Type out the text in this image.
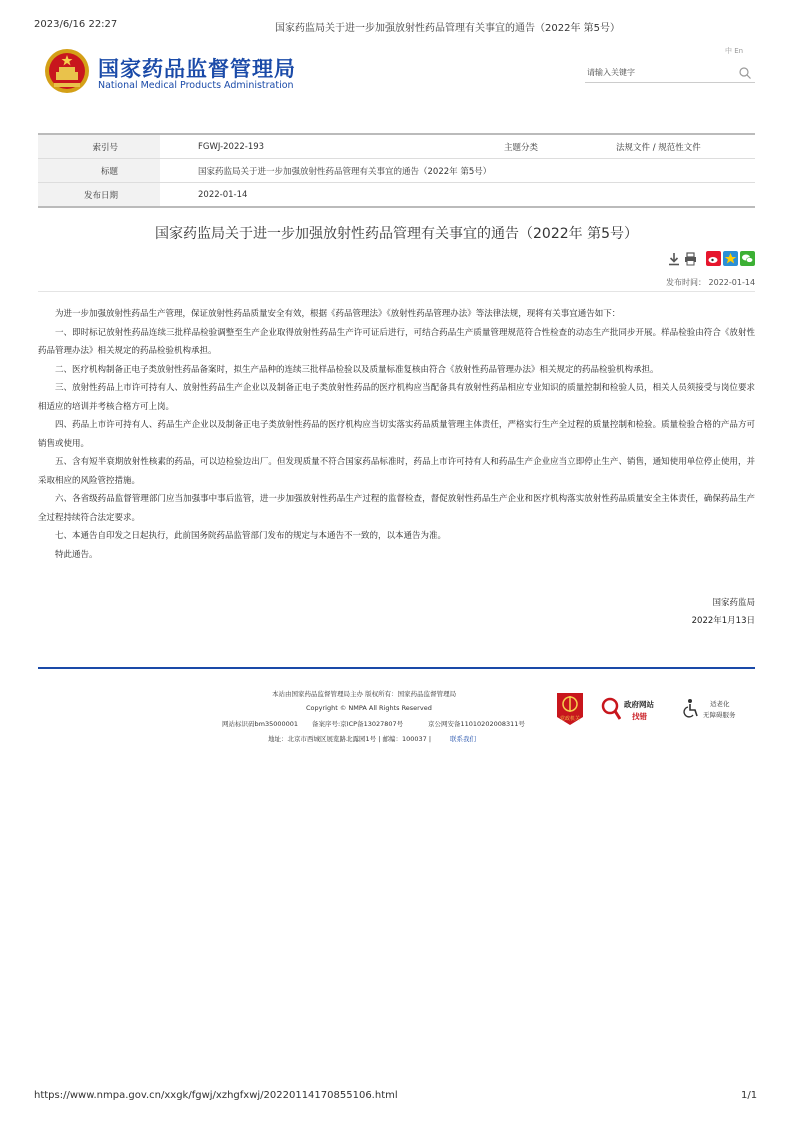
2023/6/16 22:27	国家药监局关于进一步加强放射性药品管理有关事宜的通告（2022年 第5号）
国家药品监督管理局
National Medical Products Administration
中 En
请输入关键字
索引号	FGWJ-2022-193	主题分类	法规文件 / 规范性文件
标题	国家药监局关于进一步加强放射性药品管理有关事宜的通告（2022年 第5号）		
发布日期	2022-01-14		
国家药监局关于进一步加强放射性药品管理有关事宜的通告（2022年 第5号）
发布时间： 2022-01-14

为进一步加强放射性药品生产管理，保证放射性药品质量安全有效，根据《药品管理法》《放射性药品管理办法》等法律法规，现将有关事宜通告如下：

一、即时标记放射性药品连续三批样品检验调整至生产企业取得放射性药品生产许可证后进行，可结合药品生产质量管理规范符合性检查的动态生产批同步开展。样品检验由符合《放射性药品管理办法》相关规定的药品检验机构承担。

二、医疗机构制备正电子类放射性药品备案时，拟生产品种的连续三批样品检验以及质量标准复核由符合《放射性药品管理办法》相关规定的药品检验机构承担。

三、放射性药品上市许可持有人、放射性药品生产企业以及制备正电子类放射性药品的医疗机构应当配备具有放射性药品相应专业知识的质量控制和检验人员，相关人员须接受与岗位要求相适应的培训并考核合格方可上岗。

四、药品上市许可持有人、药品生产企业以及制备正电子类放射性药品的医疗机构应当切实落实药品质量管理主体责任，严格实行生产全过程的质量控制和检验。质量检验合格的产品方可销售或使用。

五、含有短半衰期放射性核素的药品，可以边检验边出厂。但发现质量不符合国家药品标准时，药品上市许可持有人和药品生产企业应当立即停止生产、销售，通知使用单位停止使用，并采取相应的风险管控措施。

六、各省级药品监督管理部门应当加强事中事后监管，进一步加强放射性药品生产过程的监督检查，督促放射性药品生产企业和医疗机构落实放射性药品质量安全主体责任，确保药品生产全过程持续符合法定要求。

七、本通告自印发之日起执行，此前国务院药品监管部门发布的规定与本通告不一致的，以本通告为准。

特此通告。

国家药监局
2022年1月13日
本站由国家药品监督管理局主办 版权所有：国家药品监督管理局
Copyright © NMPA All Rights Reserved
网站标识码bm35000001 备案序号:京ICP备13027807号	京公网安备11010202008311号
地址：北京市西城区展览路北露园1号 | 邮编：100037 |	联系我们
党政机关
政府网站
找错
适老化
无障碍服务
https://www.nmpa.gov.cn/xxgk/fgwj/xzhgfxwj/20220114170855106.html	1/1
